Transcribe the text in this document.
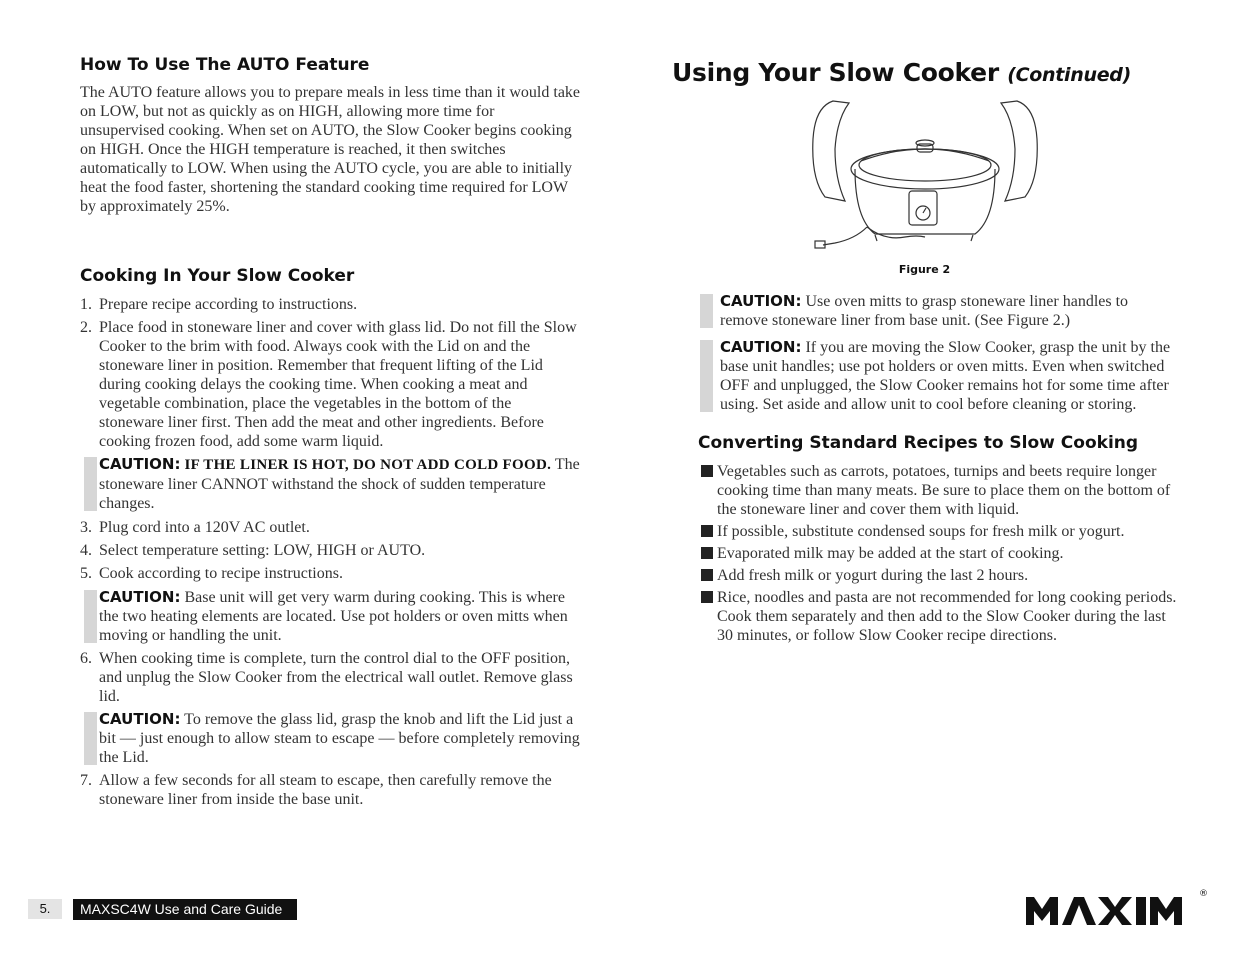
How To Use The AUTO Feature

The AUTO feature allows you to prepare meals in less time than it would take on LOW, but not as quickly as on HIGH, allowing more time for unsupervised cooking. When set on AUTO, the Slow Cooker begins cooking on HIGH. Once the HIGH temperature is reached, it then switches automatically to LOW. When using the AUTO cycle, you are able to initially heat the food faster, shortening the standard cooking time required for LOW by approximately 25%.

Cooking In Your Slow Cooker
1. Prepare recipe according to instructions.
2. Place food in stoneware liner and cover with glass lid. Do not fill the Slow Cooker to the brim with food. Always cook with the Lid on and the stoneware liner in position. Remember that frequent lifting of the Lid during cooking delays the cooking time. When cooking a meat and vegetable combination, place the vegetables in the bottom of the stoneware liner first. Then add the meat and other ingredients. Before cooking frozen food, add some warm liquid.
CAUTION: IF THE LINER IS HOT, DO NOT ADD COLD FOOD. The stoneware liner CANNOT withstand the shock of sudden temperature changes.
3. Plug cord into a 120V AC outlet.
4. Select temperature setting: LOW, HIGH or AUTO.
5. Cook according to recipe instructions.
CAUTION: Base unit will get very warm during cooking. This is where the two heating elements are located. Use pot holders or oven mitts when moving or handling the unit.
6. When cooking time is complete, turn the control dial to the OFF position, and unplug the Slow Cooker from the electrical wall outlet. Remove glass lid.
CAUTION: To remove the glass lid, grasp the knob and lift the Lid just a bit — just enough to allow steam to escape — before completely removing the Lid.
7. Allow a few seconds for all steam to escape, then carefully remove the stoneware liner from inside the base unit.
Using Your Slow Cooker (Continued)
Figure 2
CAUTION: Use oven mitts to grasp stoneware liner handles to remove stoneware liner from base unit. (See Figure 2.)
CAUTION: If you are moving the Slow Cooker, grasp the unit by the base unit handles; use pot holders or oven mitts. Even when switched OFF and unplugged, the Slow Cooker remains hot for some time after using. Set aside and allow unit to cool before cleaning or storing.
Converting Standard Recipes to Slow Cooking
Vegetables such as carrots, potatoes, turnips and beets require longer cooking time than many meats. Be sure to place them on the bottom of the stoneware liner and cover them with liquid.
If possible, substitute condensed soups for fresh milk or yogurt.
Evaporated milk may be added at the start of cooking.
Add fresh milk or yogurt during the last 2 hours.
Rice, noodles and pasta are not recommended for long cooking periods. Cook them separately and then add to the Slow Cooker during the last 30 minutes, or follow Slow Cooker recipe directions.
5.	MAXSC4W Use and Care Guide
®
